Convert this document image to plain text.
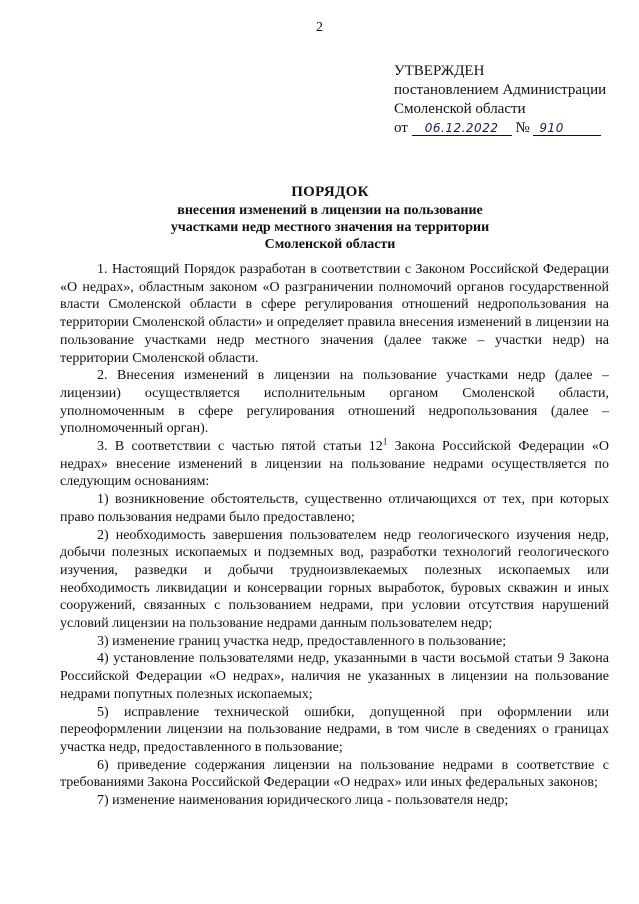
2
УТВЕРЖДЕН
постановлением Администрации
Смоленской области
от 06.12.2022 № 910
ПОРЯДОК
внесения изменений в лицензии на пользование
участками недр местного значения на территории
Смоленской области

1. Настоящий Порядок разработан в соответствии с Законом Российской Федерации «О недрах», областным законом «О разграничении полномочий органов государственной власти Смоленской области в сфере регулирования отношений недропользования на территории Смоленской области» и определяет правила внесения изменений в лицензии на пользование участками недр местного значения (далее также – участки недр) на территории Смоленской области.

2. Внесения изменений в лицензии на пользование участками недр (далее – лицензии) осуществляется исполнительным органом Смоленской области, уполномоченным в сфере регулирования отношений недропользования (далее – уполномоченный орган).

3. В соответствии с частью пятой статьи $12^1$ Закона Российской Федерации «О недрах» внесение изменений в лицензии на пользование недрами осуществляется по следующим основаниям:

1) возникновение обстоятельств, существенно отличающихся от тех, при которых право пользования недрами было предоставлено;

2) необходимость завершения пользователем недр геологического изучения недр, добычи полезных ископаемых и подземных вод, разработки технологий геологического изучения, разведки и добычи трудноизвлекаемых полезных ископаемых или необходимость ликвидации и консервации горных выработок, буровых скважин и иных сооружений, связанных с пользованием недрами, при условии отсутствия нарушений условий лицензии на пользование недрами данным пользователем недр;

3) изменение границ участка недр, предоставленного в пользование;

4) установление пользователями недр, указанными в части восьмой статьи 9 Закона Российской Федерации «О недрах», наличия не указанных в лицензии на пользование недрами попутных полезных ископаемых;

5) исправление технической ошибки, допущенной при оформлении или переоформлении лицензии на пользование недрами, в том числе в сведениях о границах участка недр, предоставленного в пользование;

6) приведение содержания лицензии на пользование недрами в соответствие с требованиями Закона Российской Федерации «О недрах» или иных федеральных законов;

7) изменение наименования юридического лица - пользователя недр;
